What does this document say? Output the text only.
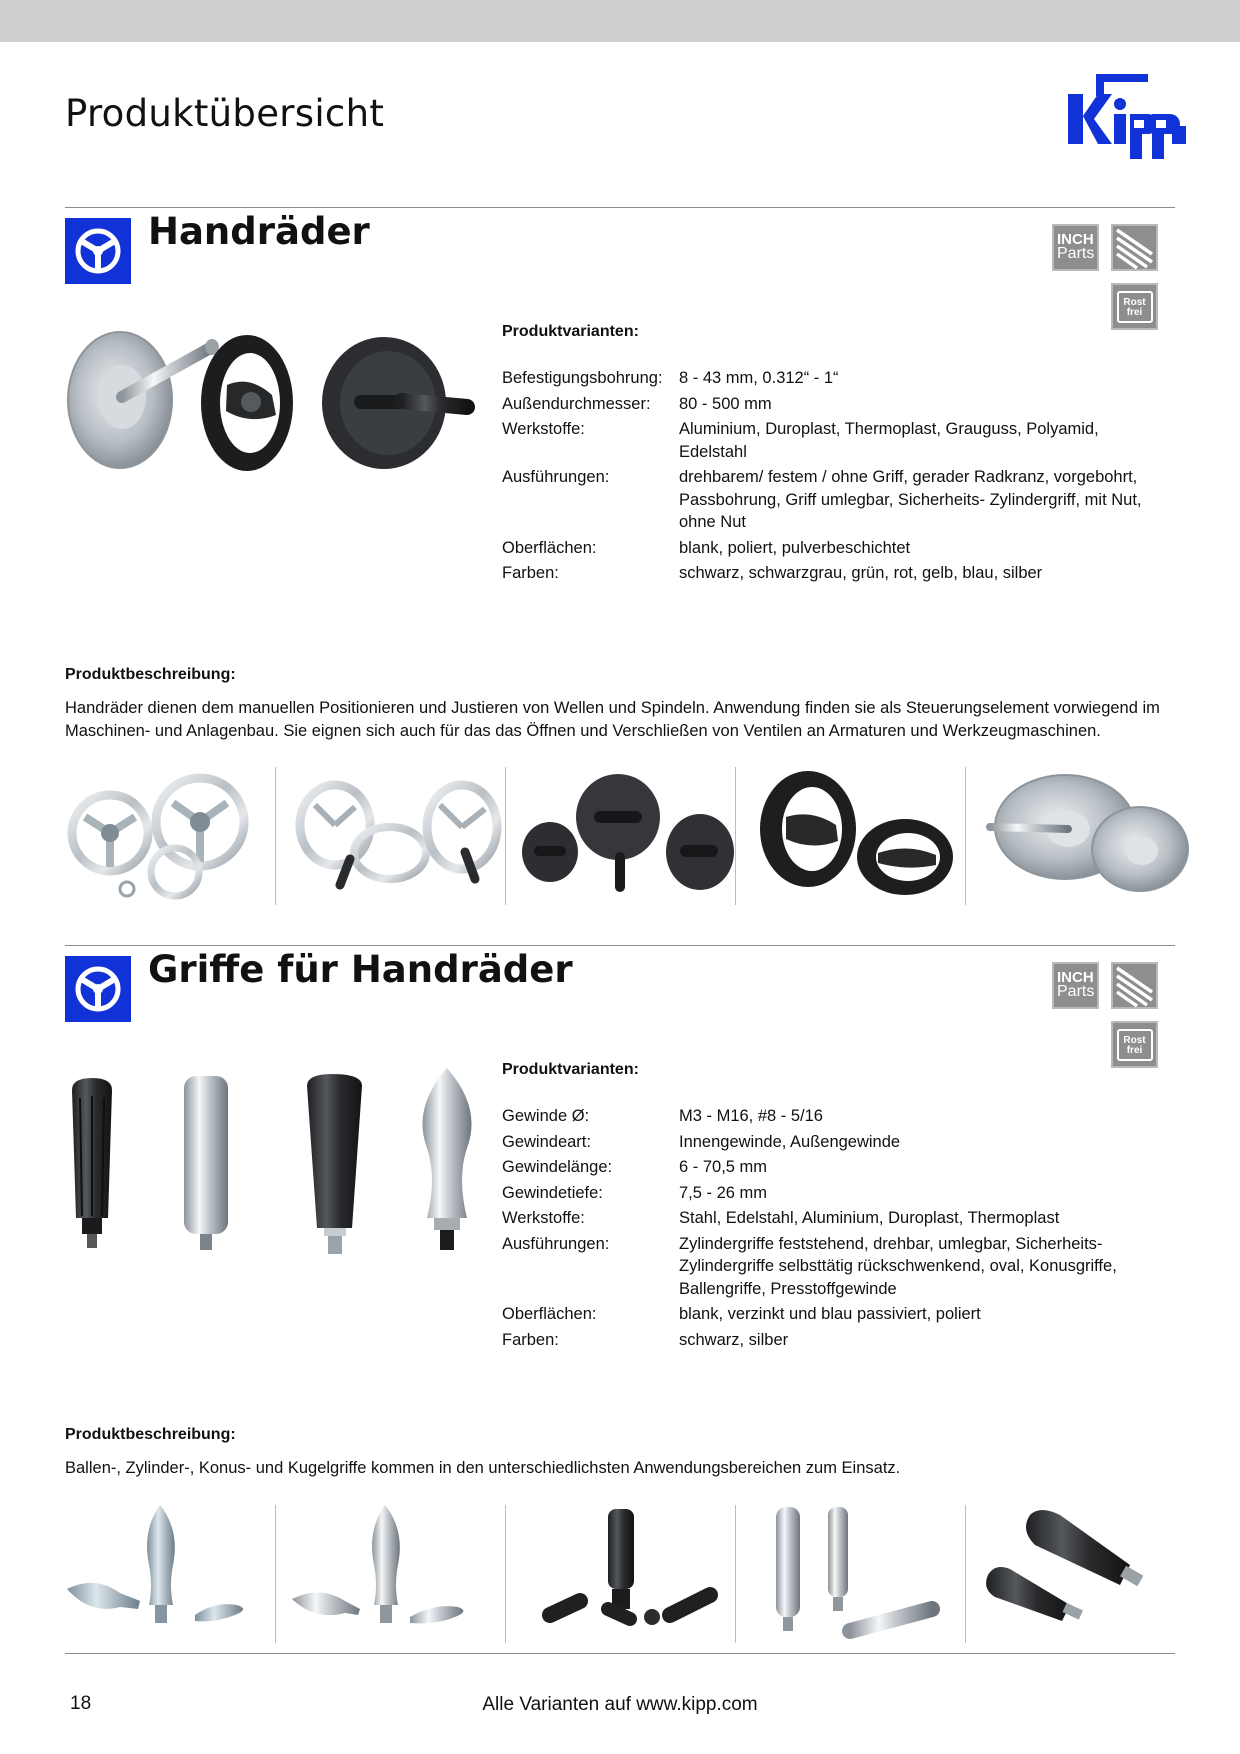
Produktübersicht
Handräder	INCH
Parts
Rost
frei
Produktvarianten:
Befestigungsbohrung: 8 - 43 mm, 0.312“ - 1“
Außendurchmesser:	80 - 500 mm
Werkstoffe:	Aluminium, Duroplast, Thermoplast, Grauguss, Polyamid, Edelstahl
Ausführungen:	drehbarem/ festem / ohne Griff, gerader Radkranz, vorgebohrt, Passbohrung, Griff umlegbar, Sicherheits- Zylindergriff, mit Nut, ohne Nut
Oberflächen:	blank, poliert, pulverbeschichtet
Farben:	schwarz, schwarzgrau, grün, rot, gelb, blau, silber
Produktbeschreibung:
Handräder dienen dem manuellen Positionieren und Justieren von Wellen und Spindeln. Anwendung finden sie als Steuerungselement vorwiegend im Maschinen- und Anlagenbau. Sie eignen sich auch für das das Öffnen und Verschließen von Ventilen an Armaturen und Werkzeugmaschinen.
Griffe für Handräder	INCH
Parts
Rost
frei
Produktvarianten:
Gewinde Ø:	M3 - M16, #8 - 5/16
Gewindeart:	Innengewinde, Außengewinde
Gewindelänge:	6 - 70,5 mm
Gewindetiefe:	7,5 - 26 mm
Werkstoffe:	Stahl, Edelstahl, Aluminium, Duroplast, Thermoplast
Ausführungen:	Zylindergriffe feststehend, drehbar, umlegbar, Sicherheits-Zylindergriffe selbsttätig rückschwenkend, oval, Konusgriffe, Ballengriffe, Presstoffgewinde
Oberflächen:	blank, verzinkt und blau passiviert, poliert
Farben:	schwarz, silber
Produktbeschreibung:
Ballen-, Zylinder-, Konus- und Kugelgriffe kommen in den unterschiedlichsten Anwendungsbereichen zum Einsatz.
18	Alle Varianten auf www.kipp.com
